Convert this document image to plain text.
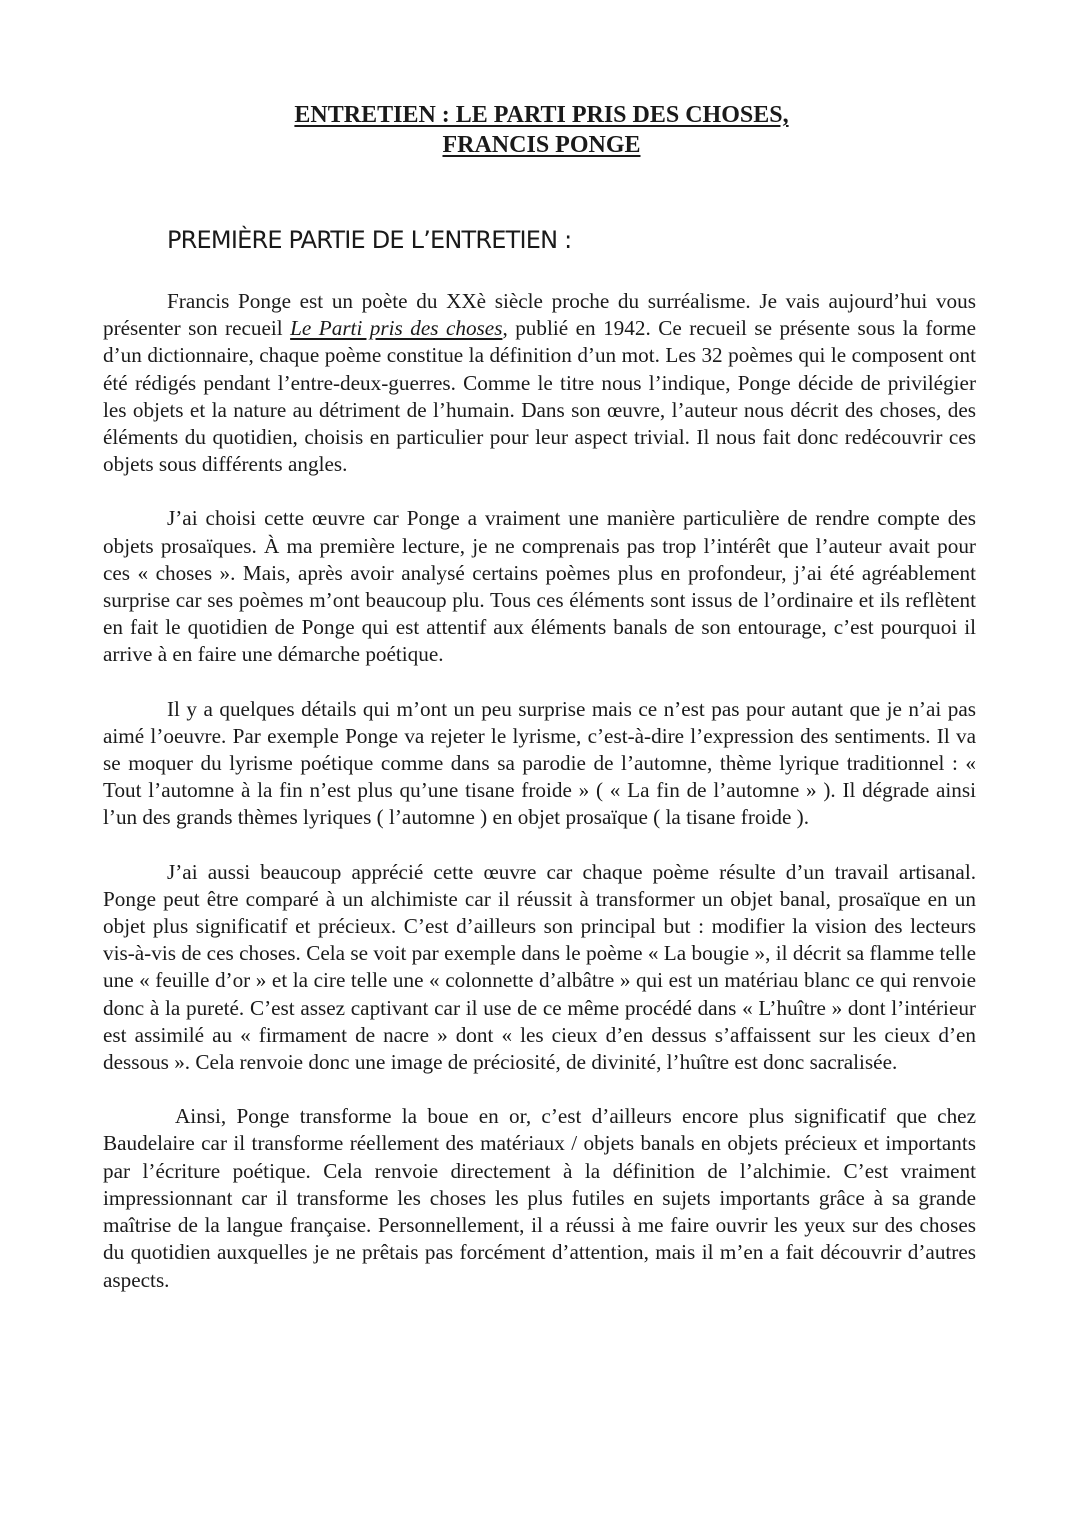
ENTRETIEN : LE PARTI PRIS DES CHOSES,
FRANCIS PONGE
PREMIÈRE PARTIE DE L’ENTRETIEN :

Francis Ponge est un poète du XXè siècle proche du surréalisme. Je vais aujourd’hui vous présenter son recueil Le Parti pris des choses, publié en 1942. Ce recueil se présente sous la forme d’un dictionnaire, chaque poème constitue la définition d’un mot. Les 32 poèmes qui le composent ont été rédigés pendant l’entre-deux-guerres. Comme le titre nous l’indique, Ponge décide de privilégier les objets et la nature au détriment de l’humain. Dans son œuvre, l’auteur nous décrit des choses, des éléments du quotidien, choisis en particulier pour leur aspect trivial. Il nous fait donc redécouvrir ces objets sous différents angles.

J’ai choisi cette œuvre car Ponge a vraiment une manière particulière de rendre compte des objets prosaïques. À ma première lecture, je ne comprenais pas trop l’intérêt que l’auteur avait pour ces « choses ». Mais, après avoir analysé certains poèmes plus en profondeur, j’ai été agréablement surprise car ses poèmes m’ont beaucoup plu. Tous ces éléments sont issus de l’ordinaire et ils reflètent en fait le quotidien de Ponge qui est attentif aux éléments banals de son entourage, c’est pourquoi il arrive à en faire une démarche poétique.

Il y a quelques détails qui m’ont un peu surprise mais ce n’est pas pour autant que je n’ai pas aimé l’oeuvre. Par exemple Ponge va rejeter le lyrisme, c’est-à-dire l’expression des sentiments. Il va se moquer du lyrisme poétique comme dans sa parodie de l’automne, thème lyrique traditionnel : « Tout l’automne à la fin n’est plus qu’une tisane froide » ( « La fin de l’automne » ). Il dégrade ainsi l’un des grands thèmes lyriques ( l’automne ) en objet prosaïque ( la tisane froide ).

J’ai aussi beaucoup apprécié cette œuvre car chaque poème résulte d’un travail artisanal. Ponge peut être comparé à un alchimiste car il réussit à transformer un objet banal, prosaïque en un objet plus significatif et précieux. C’est d’ailleurs son principal but : modifier la vision des lecteurs vis-à-vis de ces choses. Cela se voit par exemple dans le poème « La bougie », il décrit sa flamme telle une « feuille d’or » et la cire telle une « colonnette d’albâtre » qui est un matériau blanc ce qui renvoie donc à la pureté. C’est assez captivant car il use de ce même procédé dans « L’huître » dont l’intérieur est assimilé au « firmament de nacre » dont « les cieux d’en dessus s’affaissent sur les cieux d’en dessous ». Cela renvoie donc une image de préciosité, de divinité, l’huître est donc sacralisée.

Ainsi, Ponge transforme la boue en or, c’est d’ailleurs encore plus significatif que chez Baudelaire car il transforme réellement des matériaux / objets banals en objets précieux et importants par l’écriture poétique. Cela renvoie directement à la définition de l’alchimie. C’est vraiment impressionnant car il transforme les choses les plus futiles en sujets importants grâce à sa grande maîtrise de la langue française. Personnellement, il a réussi à me faire ouvrir les yeux sur des choses du quotidien auxquelles je ne prêtais pas forcément d’attention, mais il m’en a fait découvrir d’autres aspects.
